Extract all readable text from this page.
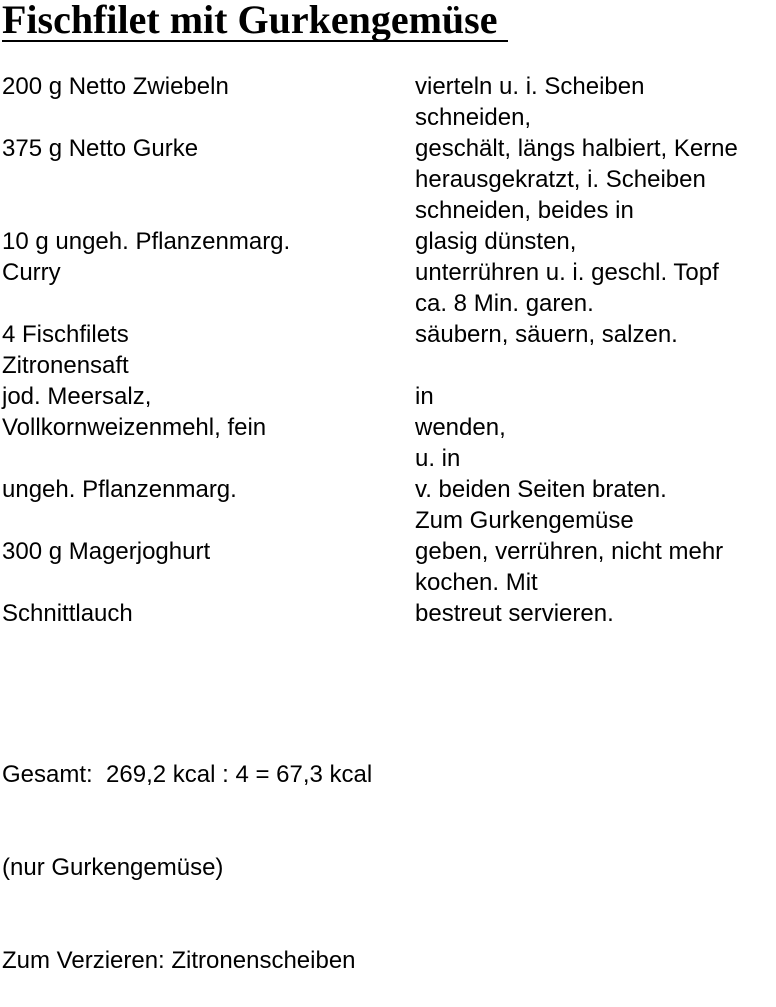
Fischfilet mit Gurkengemüse
200 g Netto Zwiebeln	vierteln u. i. Scheiben
schneiden,
375 g Netto Gurke	geschält, längs halbiert, Kerne
herausgekratzt, i. Scheiben
schneiden, beides in
10 g ungeh. Pflanzenmarg.	glasig dünsten,
Curry	unterrühren u. i. geschl. Topf
ca. 8 Min. garen.
4 Fischfilets	säubern, säuern, salzen.
Zitronensaft
jod. Meersalz,	in
Vollkornweizenmehl, fein	wenden,
u. in
ungeh. Pflanzenmarg.	v. beiden Seiten braten.
Zum Gurkengemüse
300 g Magerjoghurt	geben, verrühren, nicht mehr
kochen. Mit
Schnittlauch	bestreut servieren.

Gesamt:  269,2 kcal : 4 = 67,3 kcal

(nur Gurkengemüse)

Zum Verzieren: Zitronenscheiben
